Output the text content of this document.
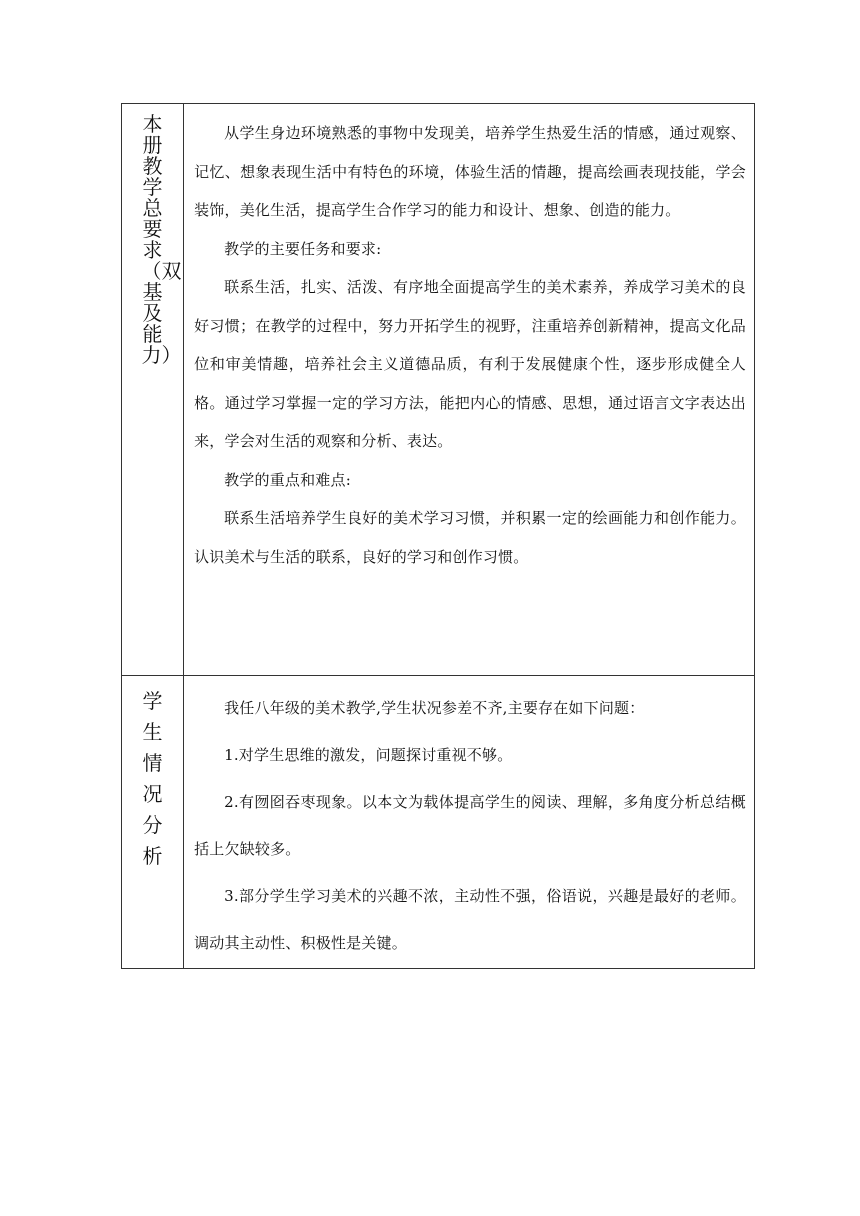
本册教学总要求（双基及能力）	从学生身边环境熟悉的事物中发现美，培养学生热爱生活的情感，通过观察、记忆、想象表现生活中有特色的环境，体验生活的情趣，提高绘画表现技能，学会装饰，美化生活，提高学生合作学习的能力和设计、想象、创造的能力。

教学的主要任务和要求:

联系生活，扎实、活泼、有序地全面提高学生的美术素养，养成学习美术的良好习惯；在教学的过程中，努力开拓学生的视野，注重培养创新精神，提高文化品位和审美情趣，培养社会主义道德品质，有利于发展健康个性，逐步形成健全人格。通过学习掌握一定的学习方法，能把内心的情感、思想，通过语言文字表达出来，学会对生活的观察和分析、表达。

教学的重点和难点:

联系生活培养学生良好的美术学习习惯，并积累一定的绘画能力和创作能力。认识美术与生活的联系，良好的学习和创作习惯。

学生情况分析	我任八年级的美术教学,学生状况参差不齐,主要存在如下问题：

1.对学生思维的激发，问题探讨重视不够。

2.有囫囵吞枣现象。以本文为载体提高学生的阅读、理解，多角度分析总结概括上欠缺较多。

3.部分学生学习美术的兴趣不浓，主动性不强，俗语说，兴趣是最好的老师。调动其主动性、积极性是关键。
